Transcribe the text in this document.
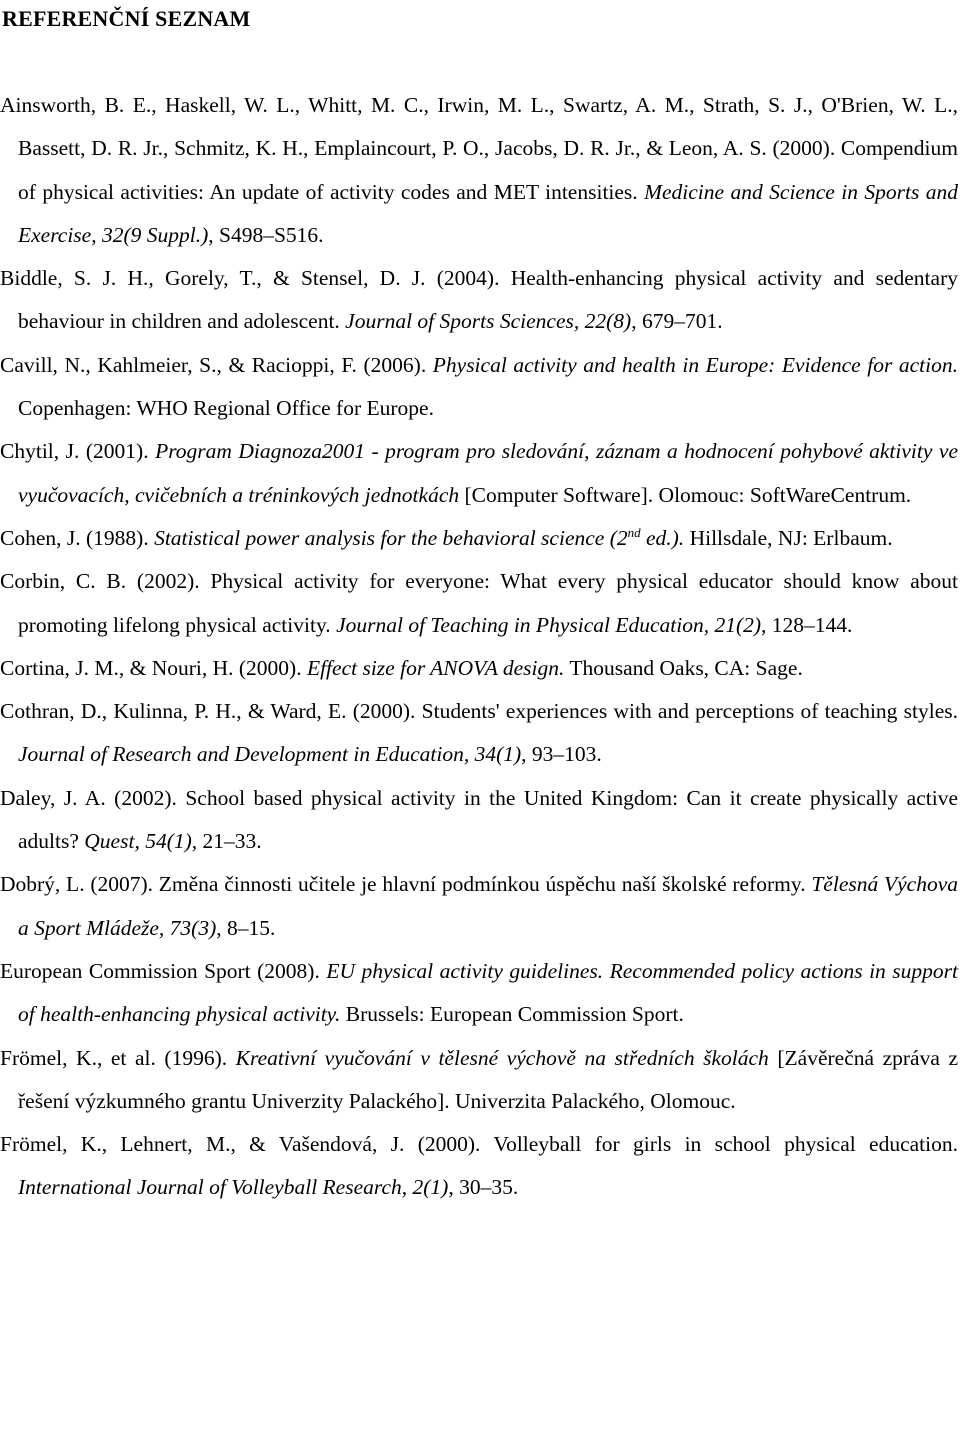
REFERENČNÍ SEZNAM

Ainsworth, B. E., Haskell, W. L., Whitt, M. C., Irwin, M. L., Swartz, A. M., Strath, S. J., O'Brien, W. L., Bassett, D. R. Jr., Schmitz, K. H., Emplaincourt, P. O., Jacobs, D. R. Jr., & Leon, A. S. (2000). Compendium of physical activities: An update of activity codes and MET intensities. Medicine and Science in Sports and Exercise, 32(9 Suppl.), S498–S516.

Biddle, S. J. H., Gorely, T., & Stensel, D. J. (2004). Health-enhancing physical activity and sedentary behaviour in children and adolescent. Journal of Sports Sciences, 22(8), 679–701.

Cavill, N., Kahlmeier, S., & Racioppi, F. (2006). Physical activity and health in Europe: Evidence for action. Copenhagen: WHO Regional Office for Europe.

Chytil, J. (2001). Program Diagnoza2001 - program pro sledování, záznam a hodnocení pohybové aktivity ve vyučovacích, cvičebních a tréninkových jednotkách [Computer Software]. Olomouc: SoftWareCentrum.

Cohen, J. (1988). Statistical power analysis for the behavioral science (2nd ed.). Hillsdale, NJ: Erlbaum.

Corbin, C. B. (2002). Physical activity for everyone: What every physical educator should know about promoting lifelong physical activity. Journal of Teaching in Physical Education, 21(2), 128–144.

Cortina, J. M., & Nouri, H. (2000). Effect size for ANOVA design. Thousand Oaks, CA: Sage.

Cothran, D., Kulinna, P. H., & Ward, E. (2000). Students' experiences with and perceptions of teaching styles. Journal of Research and Development in Education, 34(1), 93–103.

Daley, J. A. (2002). School based physical activity in the United Kingdom: Can it create physically active adults? Quest, 54(1), 21–33.

Dobrý, L. (2007). Změna činnosti učitele je hlavní podmínkou úspěchu naší školské reformy. Tělesná Výchova a Sport Mládeže, 73(3), 8–15.

European Commission Sport (2008). EU physical activity guidelines. Recommended policy actions in support of health-enhancing physical activity. Brussels: European Commission Sport.

Frömel, K., et al. (1996). Kreativní vyučování v tělesné výchově na středních školách [Závěrečná zpráva z řešení výzkumného grantu Univerzity Palackého]. Univerzita Palackého, Olomouc.

Frömel, K., Lehnert, M., & Vašendová, J. (2000). Volleyball for girls in school physical education. International Journal of Volleyball Research, 2(1), 30–35.
